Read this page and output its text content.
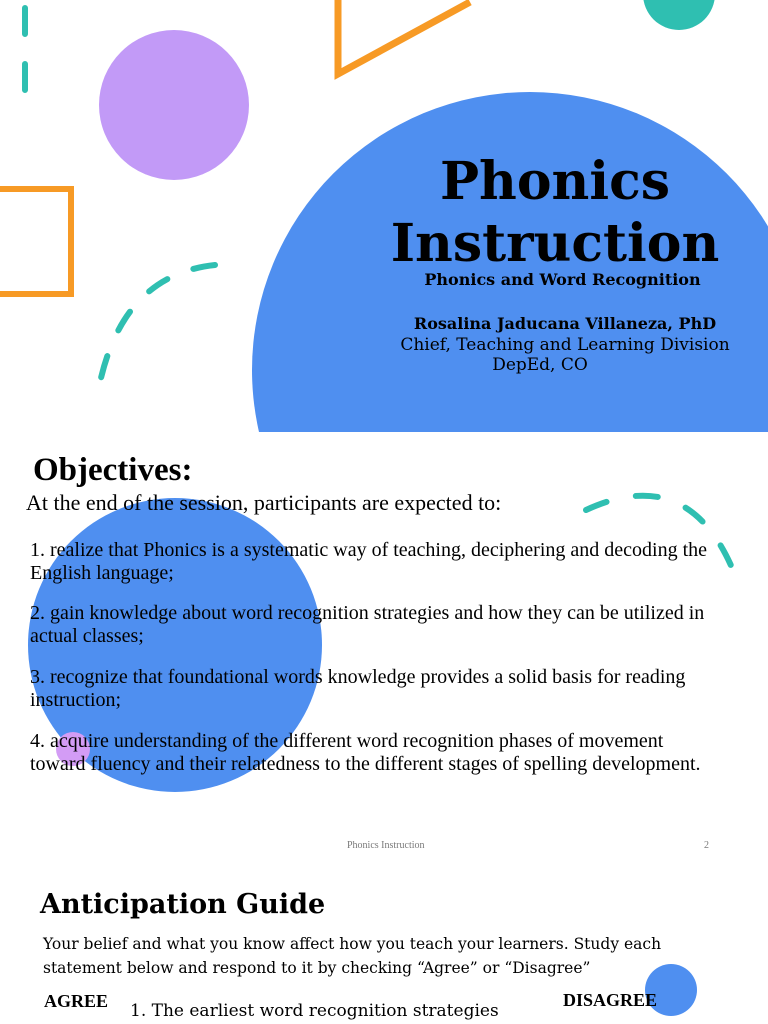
Phonics
Instruction
Phonics and Word Recognition
Rosalina Jaducana Villaneza, PhD
Chief, Teaching and Learning Division
DepEd, CO
Objectives:
At the end of the session, participants are expected to:
1. realize that Phonics is a systematic way of teaching, deciphering and decoding the English language;
2. gain knowledge about word recognition strategies and how they can be utilized in actual classes;
3. recognize that foundational words knowledge provides a solid basis for reading instruction;
4. acquire understanding of the different word recognition phases of movement toward fluency and their relatedness to the different stages of spelling development.
Phonics Instruction	2
Anticipation Guide
Your belief and what you know affect how you teach your learners. Study each statement below and respond to it by checking “Agree” or “Disagree”
AGREE	DISAGREE
1. The earliest word recognition strategies
